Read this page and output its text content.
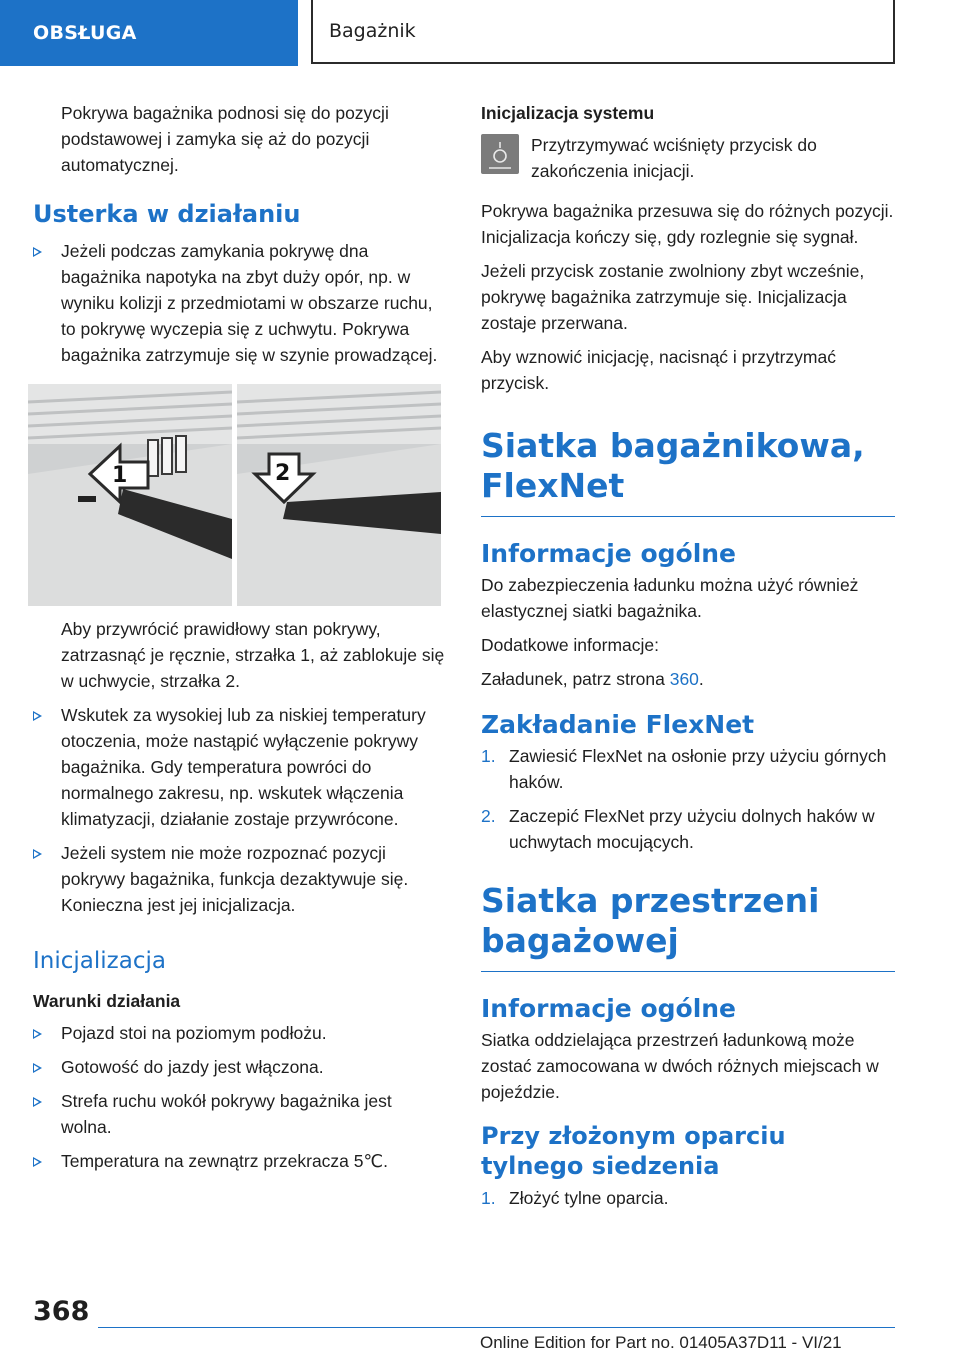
OBSŁUGA	Bagażnik

Pokrywa bagażnika podnosi się do pozycji podstawowej i zamyka się aż do pozycji automatycznej.

Usterka w działaniu
Jeżeli podczas zamykania pokrywę dna bagażnika napotyka na zbyt duży opór, np. w wyniku kolizji z przedmiotami w obszarze ruchu, to pokrywę wyczepia się z uchwytu. Pokrywa bagażnika zatrzymuje się w szynie prowadzącej.
1	2

Aby przywrócić prawidłowy stan pokrywy, zatrzasnąć je ręcznie, strzałka 1, aż zablokuje się w uchwycie, strzałka 2.

Wskutek za wysokiej lub za niskiej temperatury otoczenia, może nastąpić wyłączenie pokrywy bagażnika. Gdy temperatura powróci do normalnego zakresu, np. wskutek włączenia klimatyzacji, działanie zostaje przywrócone.
Jeżeli system nie może rozpoznać pozycji pokrywy bagażnika, funkcja dezaktywuje się. Konieczna jest jej inicjalizacja.
Inicjalizacja
Warunki działania
Pojazd stoi na poziomym podłożu.
Gotowość do jazdy jest włączona.
Strefa ruchu wokół pokrywy bagażnika jest wolna.
Temperatura na zewnątrz przekracza 5℃.
Inicjalizacja systemu

Przytrzymywać wciśnięty przycisk do zakończenia inicjacji.

Pokrywa bagażnika przesuwa się do różnych pozycji. Inicjalizacja kończy się, gdy rozlegnie się sygnał.

Jeżeli przycisk zostanie zwolniony zbyt wcześnie, pokrywę bagażnika zatrzymuje się. Inicjalizacja zostaje przerwana.

Aby wznowić inicjację, nacisnąć i przytrzymać przycisk.

Siatka bagażnikowa, FlexNet
Informacje ogólne

Do zabezpieczenia ładunku można użyć również elastycznej siatki bagażnika.

Dodatkowe informacje:

Załadunek, patrz strona 360.

Zakładanie FlexNet
1. Zawiesić FlexNet na osłonie przy użyciu górnych haków.
2. Zaczepić FlexNet przy użyciu dolnych haków w uchwytach mocujących.
Siatka przestrzeni bagażowej
Informacje ogólne

Siatka oddzielająca przestrzeń ładunkową może zostać zamocowana w dwóch różnych miejscach w pojeździe.

Przy złożonym oparciu tylnego siedzenia
1. Złożyć tylne oparcia.
368
Online Edition for Part no. 01405A37D11 - VI/21
